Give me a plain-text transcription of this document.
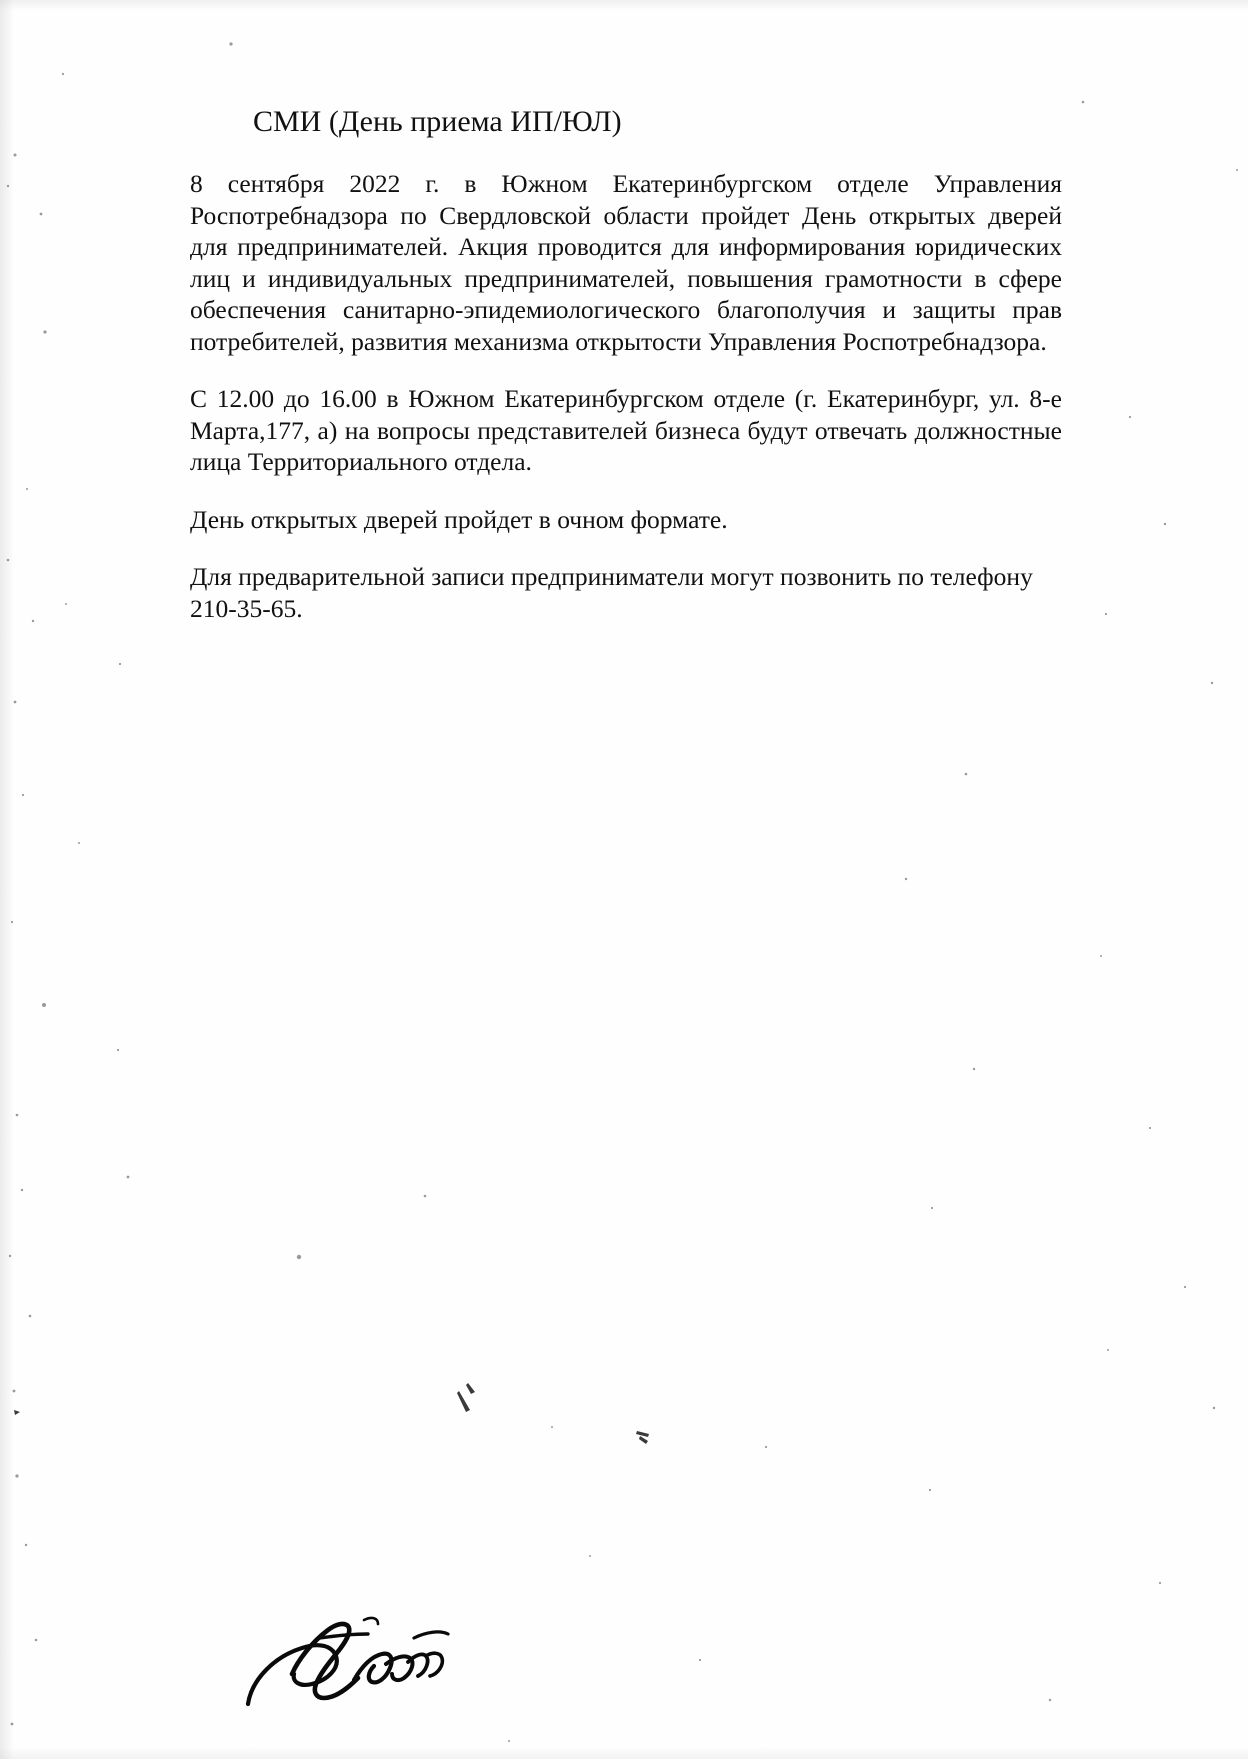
СМИ (День приема ИП/ЮЛ)

8 сентября 2022 г. в Южном Екатеринбургском отделе Управления Роспотребнадзора по Свердловской области пройдет День открытых дверей для предпринимателей. Акция проводится для информирования юридических лиц и индивидуальных предпринимателей, повышения грамотности в сфере обеспечения санитарно-эпидемиологического благополучия и защиты прав потребителей, развития механизма открытости Управления Роспотребнадзора.

С 12.00 до 16.00 в Южном Екатеринбургском отделе (г. Екатеринбург, ул. 8-е Марта,177, а) на вопросы представителей бизнеса будут отвечать должностные лица Территориального отдела.

День открытых дверей пройдет в очном формате.

Для предварительной записи предприниматели могут позвонить по телефону 210-35-65.
